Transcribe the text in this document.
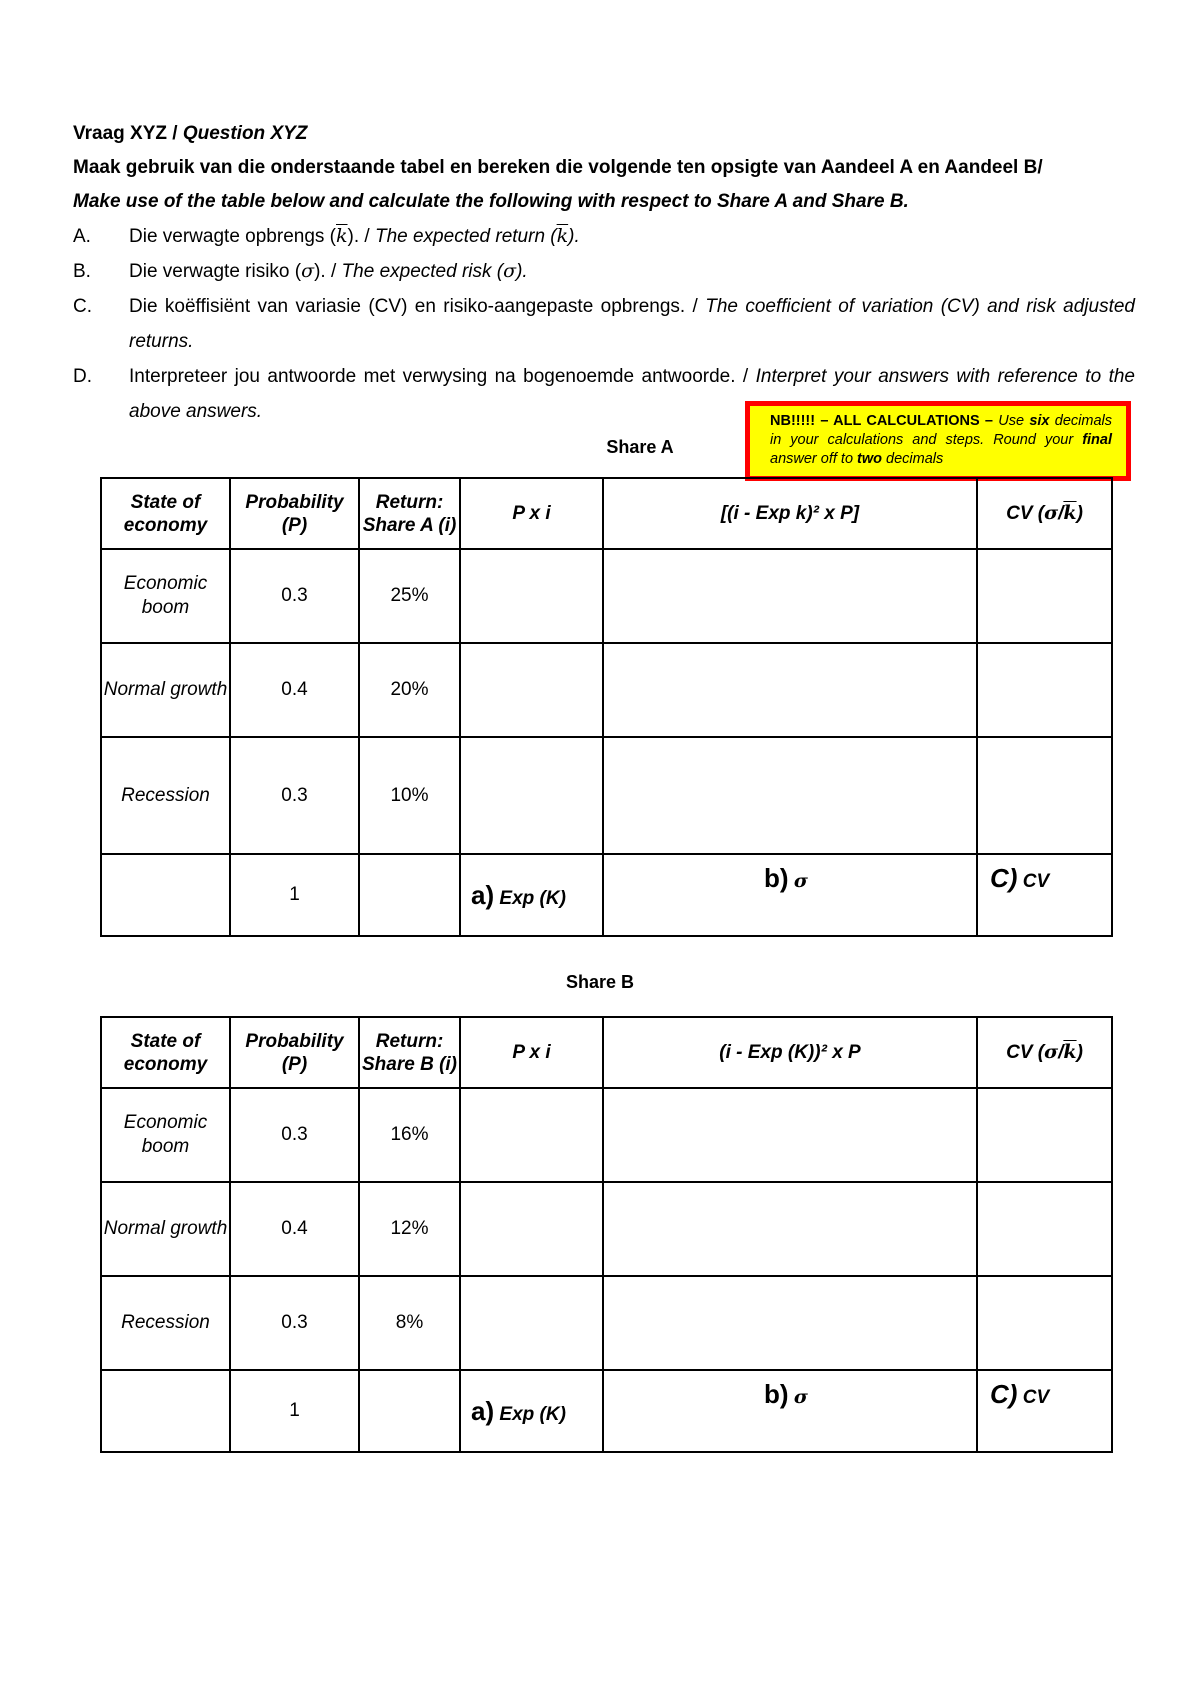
Vraag XYZ / Question XYZ

Maak gebruik van die onderstaande tabel en bereken die volgende ten opsigte van Aandeel A en Aandeel B/

Make use of the table below and calculate the following with respect to Share A and Share B.

A.	Die verwagte opbrengs $(\overline{k})$. / The expected return $(\overline{k})$.
B.	Die verwagte risiko (σ). / The expected risk (σ).
C.	Die koëffisiënt van variasie (CV) en risiko-aangepaste opbrengs. / The coefficient of variation (CV) and risk adjusted returns.
D.	Interpreteer jou antwoorde met verwysing na bogenoemde antwoorde. / Interpret your answers with reference to the above answers.	NB!!!!! – ALL CALCULATIONS – Use six decimals in your calculations and steps. Round your final answer off to two decimals
Share A
State of economy	Probability (P)	Return: Share A (i)	P x i	[(i - Exp k)² x P]	CV $(\sigma/\overline{k})$
Economic boom	0.3	25%			
Normal growth	0.4	20%			
Recession	0.3	10%			
	1		a) Exp (K)	b) σ	C) CV
Share B
State of economy	Probability (P)	Return: Share B (i)	P x i	(i - Exp (K))² x P	CV $(\sigma/\overline{k})$
Economic boom	0.3	16%			
Normal growth	0.4	12%			
Recession	0.3	8%			
	1		a) Exp (K)	b) σ	C) CV
